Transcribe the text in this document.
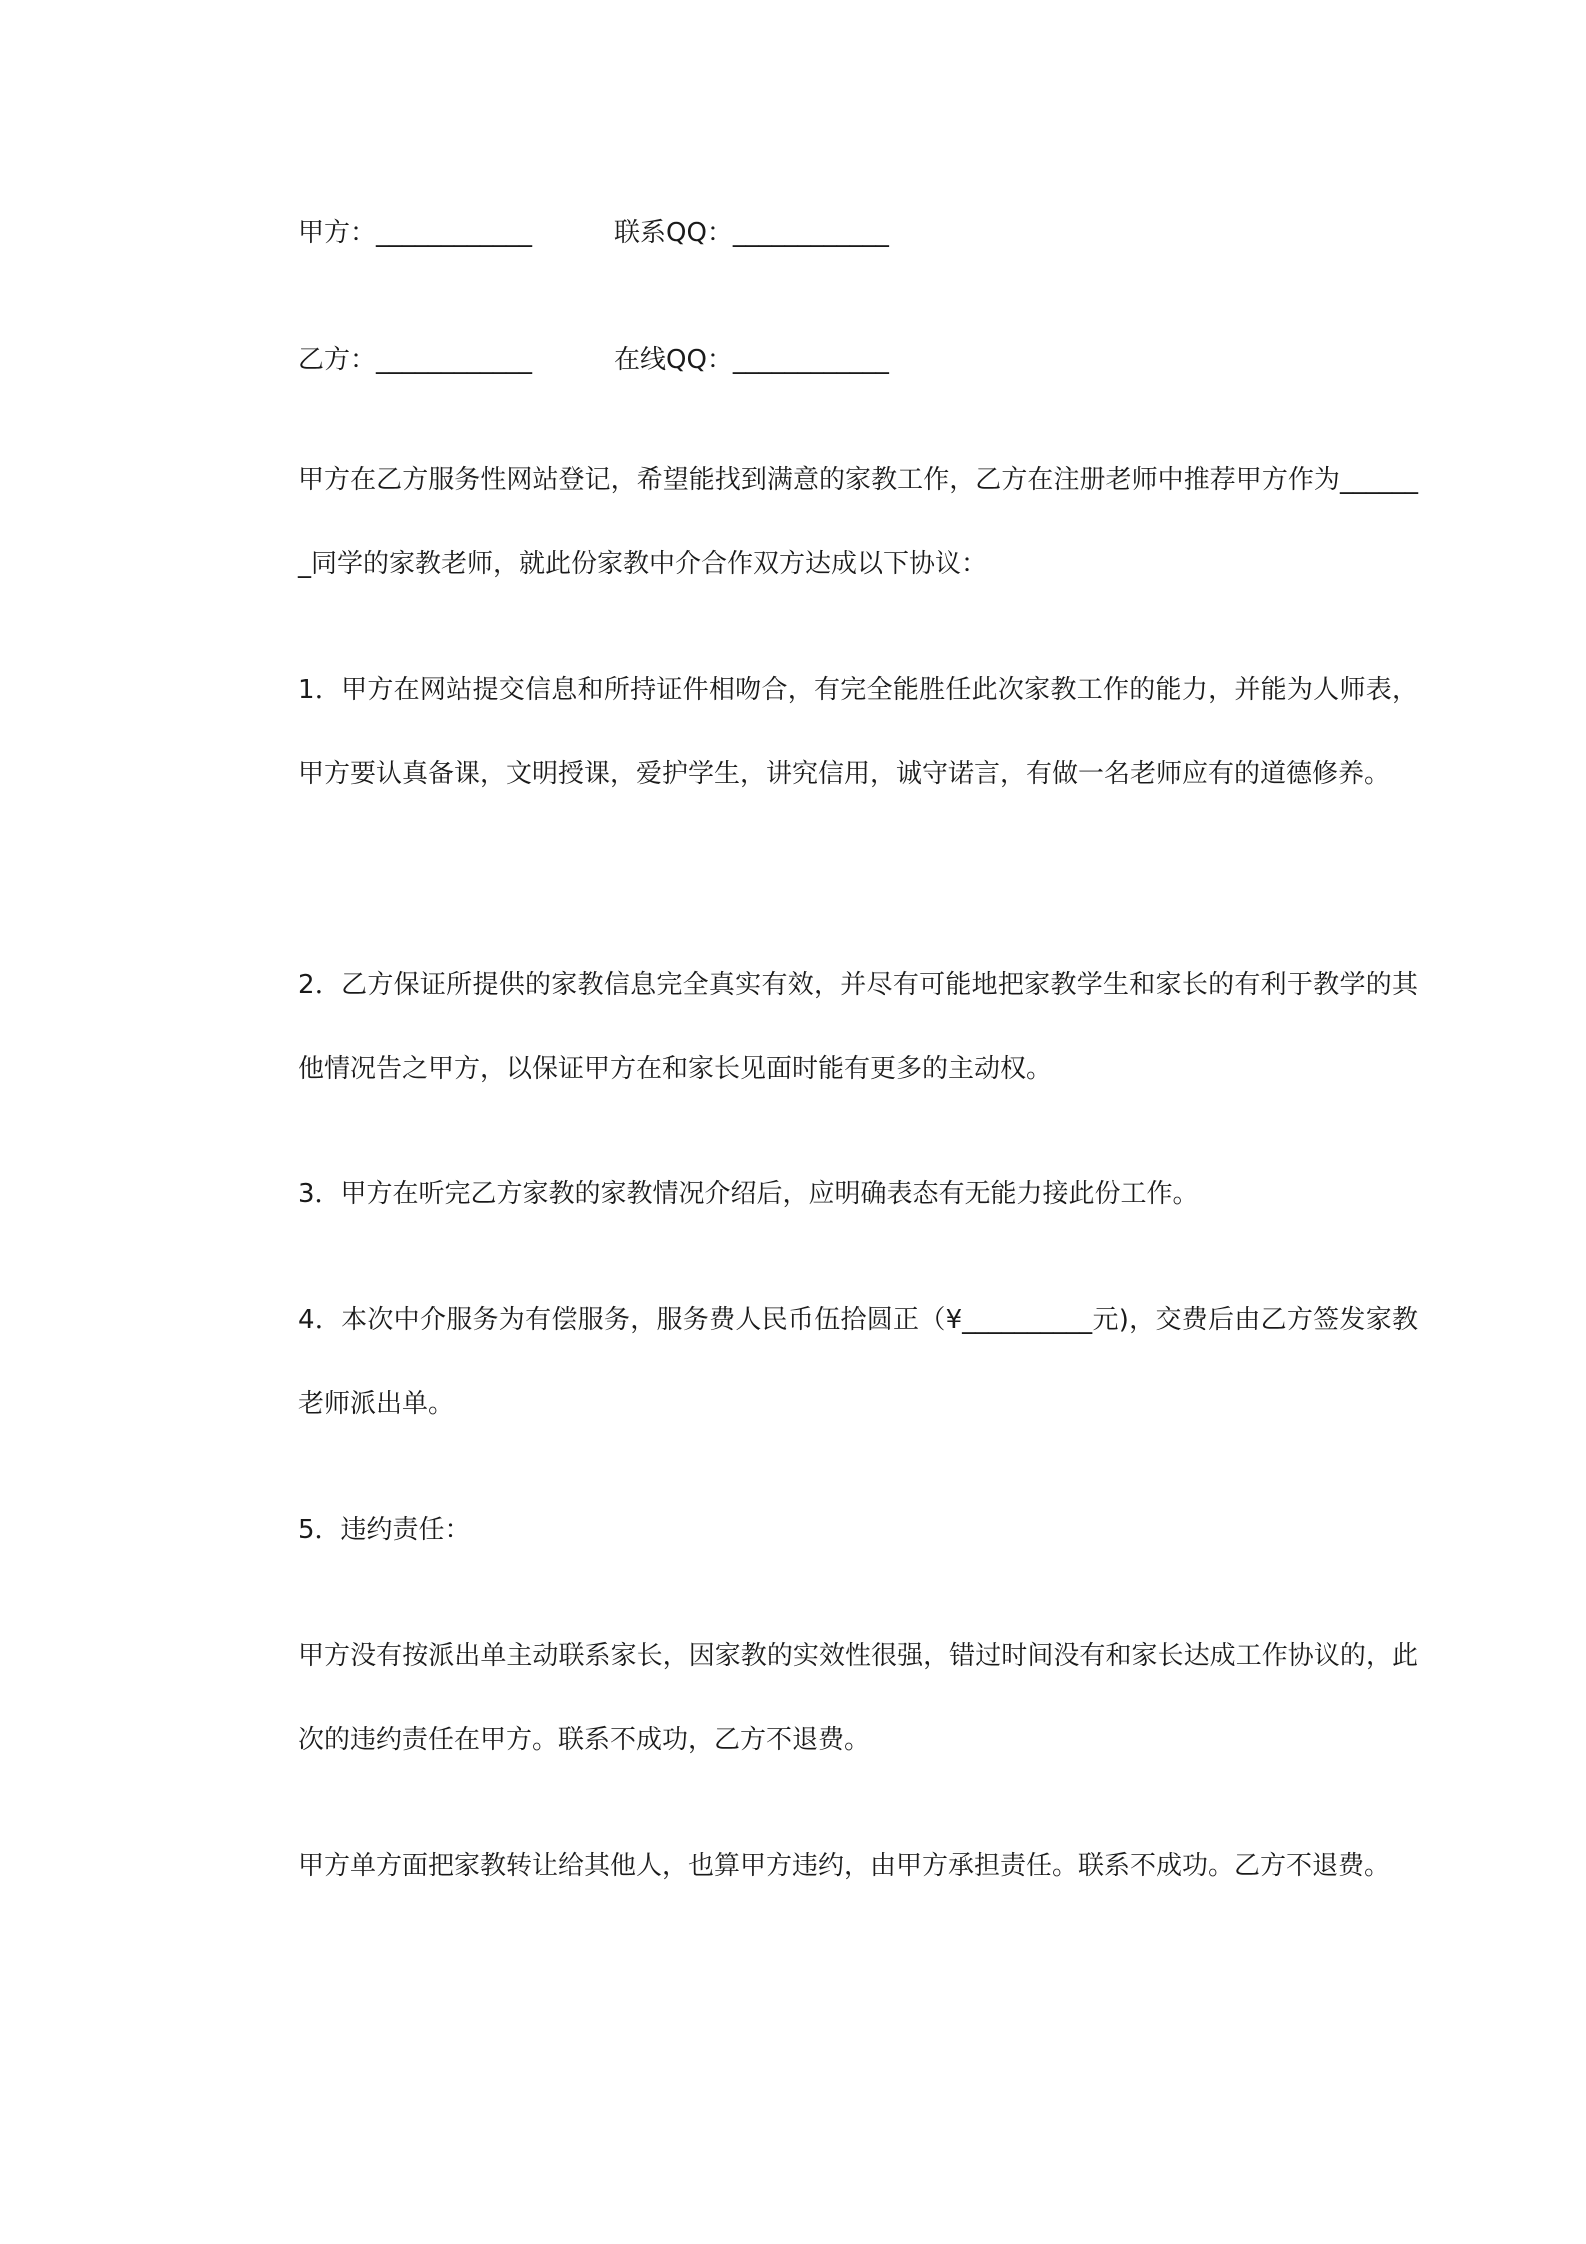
甲方：____________	联系QQ：____________
乙方：____________	在线QQ：____________

甲方在乙方服务性网站登记，希望能找到满意的家教工作，乙方在注册老师中推荐甲方作为_______同学的家教老师，就此份家教中介合作双方达成以下协议：

1．甲方在网站提交信息和所持证件相吻合，有完全能胜任此次家教工作的能力，并能为人师表，甲方要认真备课，文明授课，爱护学生，讲究信用，诚守诺言，有做一名老师应有的道德修养。

2．乙方保证所提供的家教信息完全真实有效，并尽有可能地把家教学生和家长的有利于教学的其他情况告之甲方，以保证甲方在和家长见面时能有更多的主动权。

3．甲方在听完乙方家教的家教情况介绍后，应明确表态有无能力接此份工作。

4．本次中介服务为有偿服务，服务费人民币伍拾圆正（¥__________元)，交费后由乙方签发家教老师派出单。

5．违约责任：

甲方没有按派出单主动联系家长，因家教的实效性很强，错过时间没有和家长达成工作协议的，此次的违约责任在甲方。联系不成功，乙方不退费。

甲方单方面把家教转让给其他人，也算甲方违约，由甲方承担责任。联系不成功。乙方不退费。
